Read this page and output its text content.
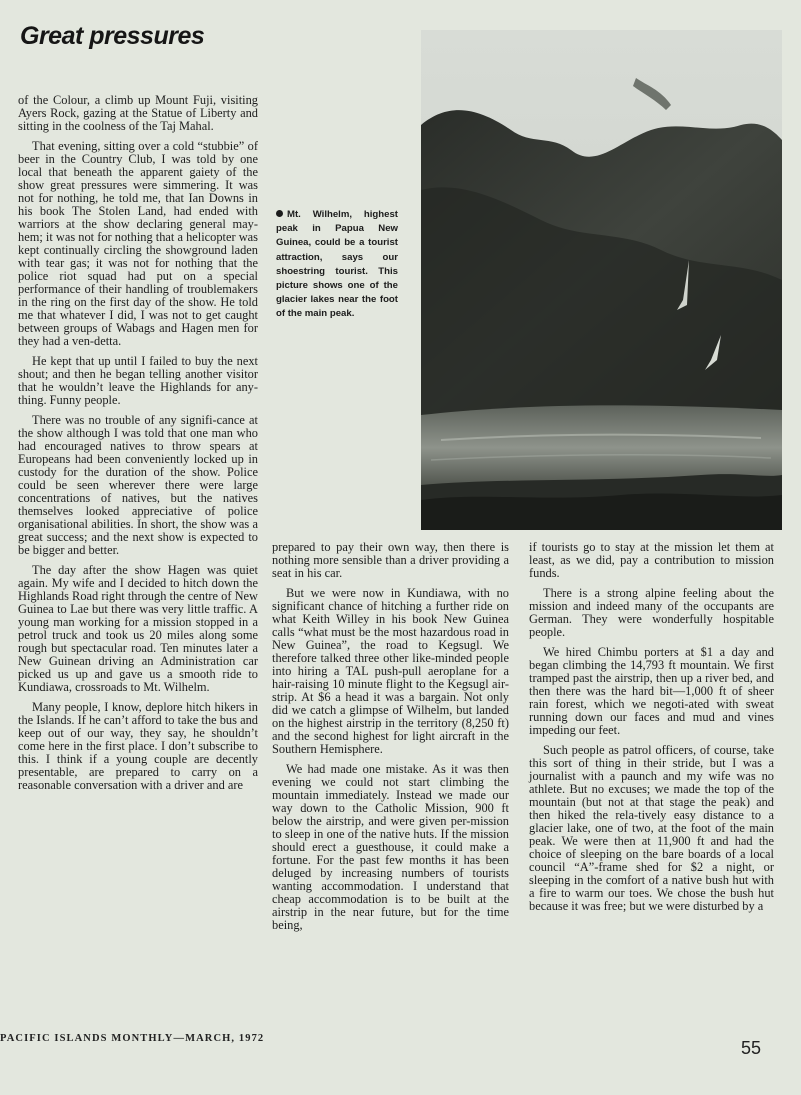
Great pressures

of the Colour, a climb up Mount Fuji, visiting Ayers Rock, gazing at the Statue of Liberty and sitting in the coolness of the Taj Mahal.

That evening, sitting over a cold “stubbie” of beer in the Country Club, I was told by one local that beneath the apparent gaiety of the show great pressures were simmering. It was not for nothing, he told me, that Ian Downs in his book The Stolen Land, had ended with warriors at the show declaring general may-hem; it was not for nothing that a helicopter was kept continually circling the showground laden with tear gas; it was not for nothing that the police riot squad had put on a special performance of their handling of troublemakers in the ring on the first day of the show. He told me that whatever I did, I was not to get caught between groups of Wabags and Hagen men for they had a ven-detta.

He kept that up until I failed to buy the next shout; and then he began telling another visitor that he wouldn’t leave the Highlands for any-thing. Funny people.

There was no trouble of any signifi-cance at the show although I was told that one man who had encouraged natives to throw spears at Europeans had been conveniently locked up in custody for the duration of the show. Police could be seen wherever there were large concentrations of natives, but the natives themselves looked appreciative of police organisational abilities. In short, the show was a great success; and the next show is expected to be bigger and better.

The day after the show Hagen was quiet again. My wife and I decided to hitch down the Highlands Road right through the centre of New Guinea to Lae but there was very little traffic. A young man working for a mission stopped in a petrol truck and took us 20 miles along some rough but spectacular road. Ten minutes later a New Guinean driving an Administration car picked us up and gave us a smooth ride to Kundiawa, crossroads to Mt. Wilhelm.

Many people, I know, deplore hitch hikers in the Islands. If he can’t afford to take the bus and keep out of our way, they say, he shouldn’t come here in the first place. I don’t subscribe to this. I think if a young couple are decently presentable, are prepared to carry on a reasonable conversation with a driver and are

Mt. Wilhelm, highest peak in Papua New Guinea, could be a tourist attraction, says our shoestring tourist. This picture shows one of the glacier lakes near the foot of the main peak.

prepared to pay their own way, then there is nothing more sensible than a driver providing a seat in his car.

But we were now in Kundiawa, with no significant chance of hitching a further ride on what Keith Willey in his book New Guinea calls “what must be the most hazardous road in New Guinea”, the road to Kegsugl. We therefore talked three other like-minded people into hiring a TAL push-pull aeroplane for a hair-raising 10 minute flight to the Kegsugl air-strip. At $6 a head it was a bargain. Not only did we catch a glimpse of Wilhelm, but landed on the highest airstrip in the territory (8,250 ft) and the second highest for light aircraft in the Southern Hemisphere.

We had made one mistake. As it was then evening we could not start climbing the mountain immediately. Instead we made our way down to the Catholic Mission, 900 ft below the airstrip, and were given per-mission to sleep in one of the native huts. If the mission should erect a guesthouse, it could make a fortune. For the past few months it has been deluged by increasing numbers of tourists wanting accommodation. I understand that cheap accommodation is to be built at the airstrip in the near future, but for the time being,

if tourists go to stay at the mission let them at least, as we did, pay a contribution to mission funds.

There is a strong alpine feeling about the mission and indeed many of the occupants are German. They were wonderfully hospitable people.

We hired Chimbu porters at $1 a day and began climbing the 14,793 ft mountain. We first tramped past the airstrip, then up a river bed, and then there was the hard bit—1,000 ft of sheer rain forest, which we negoti-ated with sweat running down our faces and mud and vines impeding our feet.

Such people as patrol officers, of course, take this sort of thing in their stride, but I was a journalist with a paunch and my wife was no athlete. But no excuses; we made the top of the mountain (but not at that stage the peak) and then hiked the rela-tively easy distance to a glacier lake, one of two, at the foot of the main peak. We were then at 11,900 ft and had the choice of sleeping on the bare boards of a local council “A”-frame shed for $2 a night, or sleeping in the comfort of a native bush hut with a fire to warm our toes. We chose the bush hut because it was free; but we were disturbed by a

PACIFIC ISLANDS MONTHLY—MARCH, 1972	55
